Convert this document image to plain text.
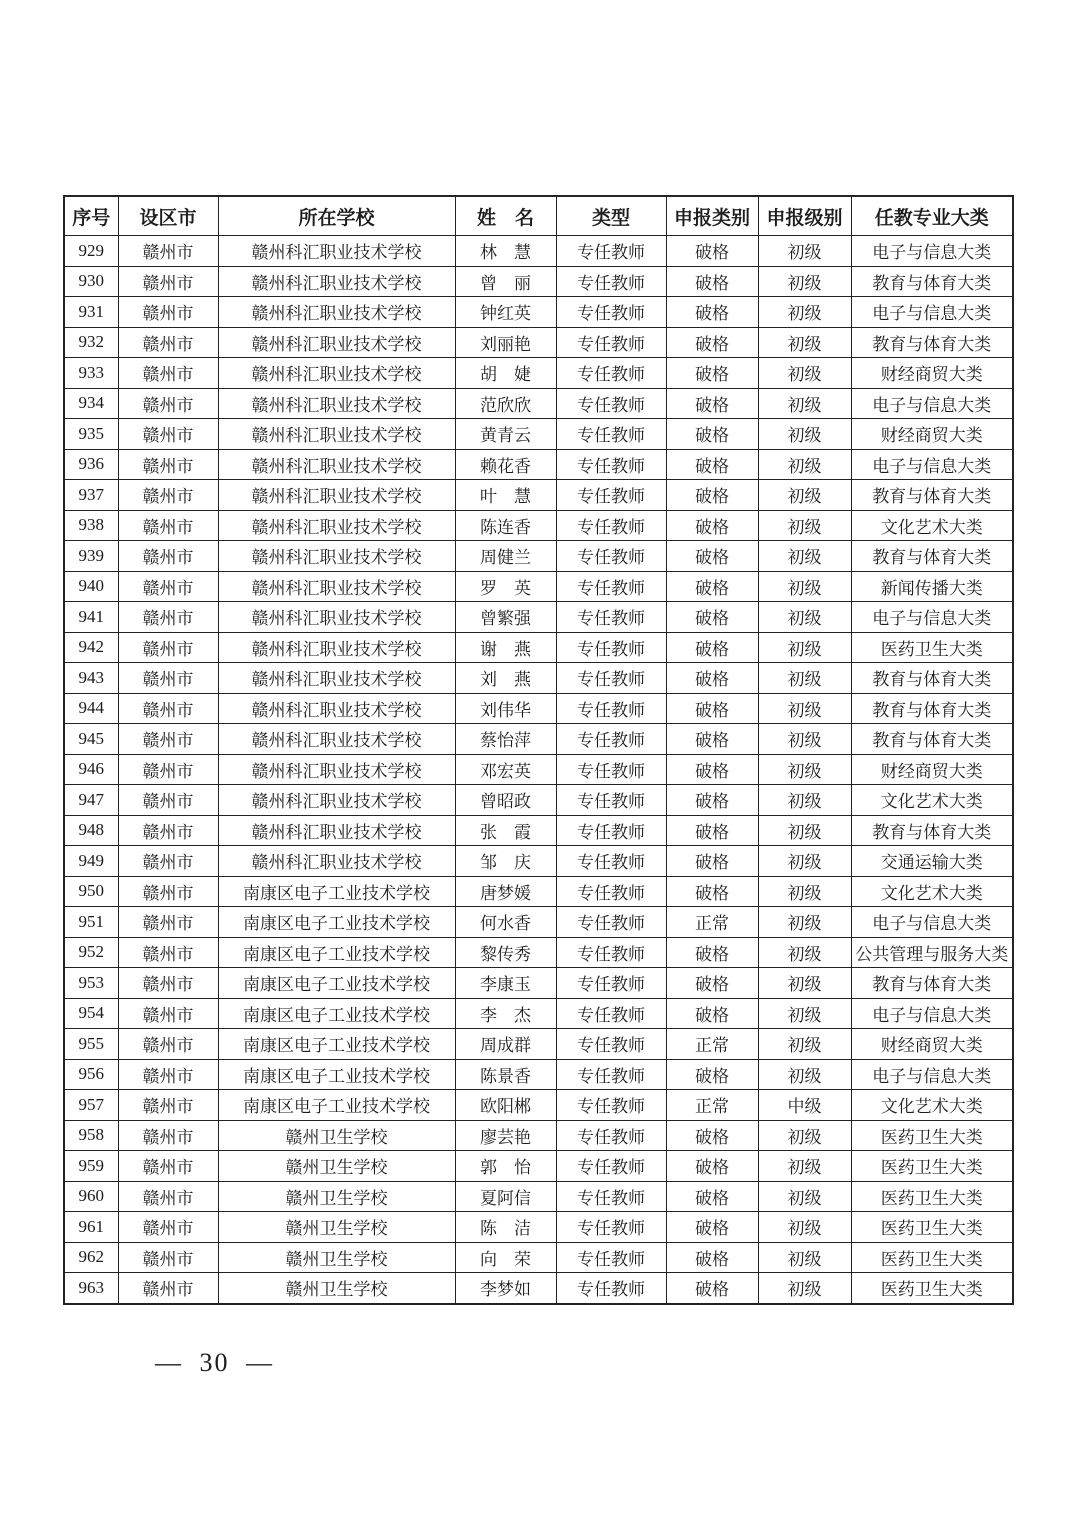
序号	设区市	所在学校	姓　名	类型	申报类别	申报级别	任教专业大类
929	赣州市	赣州科汇职业技术学校	林　慧	专任教师	破格	初级	电子与信息大类
930	赣州市	赣州科汇职业技术学校	曾　丽	专任教师	破格	初级	教育与体育大类
931	赣州市	赣州科汇职业技术学校	钟红英	专任教师	破格	初级	电子与信息大类
932	赣州市	赣州科汇职业技术学校	刘丽艳	专任教师	破格	初级	教育与体育大类
933	赣州市	赣州科汇职业技术学校	胡　婕	专任教师	破格	初级	财经商贸大类
934	赣州市	赣州科汇职业技术学校	范欣欣	专任教师	破格	初级	电子与信息大类
935	赣州市	赣州科汇职业技术学校	黄青云	专任教师	破格	初级	财经商贸大类
936	赣州市	赣州科汇职业技术学校	赖花香	专任教师	破格	初级	电子与信息大类
937	赣州市	赣州科汇职业技术学校	叶　慧	专任教师	破格	初级	教育与体育大类
938	赣州市	赣州科汇职业技术学校	陈连香	专任教师	破格	初级	文化艺术大类
939	赣州市	赣州科汇职业技术学校	周健兰	专任教师	破格	初级	教育与体育大类
940	赣州市	赣州科汇职业技术学校	罗　英	专任教师	破格	初级	新闻传播大类
941	赣州市	赣州科汇职业技术学校	曾繁强	专任教师	破格	初级	电子与信息大类
942	赣州市	赣州科汇职业技术学校	谢　燕	专任教师	破格	初级	医药卫生大类
943	赣州市	赣州科汇职业技术学校	刘　燕	专任教师	破格	初级	教育与体育大类
944	赣州市	赣州科汇职业技术学校	刘伟华	专任教师	破格	初级	教育与体育大类
945	赣州市	赣州科汇职业技术学校	蔡怡萍	专任教师	破格	初级	教育与体育大类
946	赣州市	赣州科汇职业技术学校	邓宏英	专任教师	破格	初级	财经商贸大类
947	赣州市	赣州科汇职业技术学校	曾昭政	专任教师	破格	初级	文化艺术大类
948	赣州市	赣州科汇职业技术学校	张　霞	专任教师	破格	初级	教育与体育大类
949	赣州市	赣州科汇职业技术学校	邹　庆	专任教师	破格	初级	交通运输大类
950	赣州市	南康区电子工业技术学校	唐梦媛	专任教师	破格	初级	文化艺术大类
951	赣州市	南康区电子工业技术学校	何水香	专任教师	正常	初级	电子与信息大类
952	赣州市	南康区电子工业技术学校	黎传秀	专任教师	破格	初级	公共管理与服务大类
953	赣州市	南康区电子工业技术学校	李康玉	专任教师	破格	初级	教育与体育大类
954	赣州市	南康区电子工业技术学校	李　杰	专任教师	破格	初级	电子与信息大类
955	赣州市	南康区电子工业技术学校	周成群	专任教师	正常	初级	财经商贸大类
956	赣州市	南康区电子工业技术学校	陈景香	专任教师	破格	初级	电子与信息大类
957	赣州市	南康区电子工业技术学校	欧阳郴	专任教师	正常	中级	文化艺术大类
958	赣州市	赣州卫生学校	廖芸艳	专任教师	破格	初级	医药卫生大类
959	赣州市	赣州卫生学校	郭　怡	专任教师	破格	初级	医药卫生大类
960	赣州市	赣州卫生学校	夏阿信	专任教师	破格	初级	医药卫生大类
961	赣州市	赣州卫生学校	陈　洁	专任教师	破格	初级	医药卫生大类
962	赣州市	赣州卫生学校	向　荣	专任教师	破格	初级	医药卫生大类
963	赣州市	赣州卫生学校	李梦如	专任教师	破格	初级	医药卫生大类
— 30 —
